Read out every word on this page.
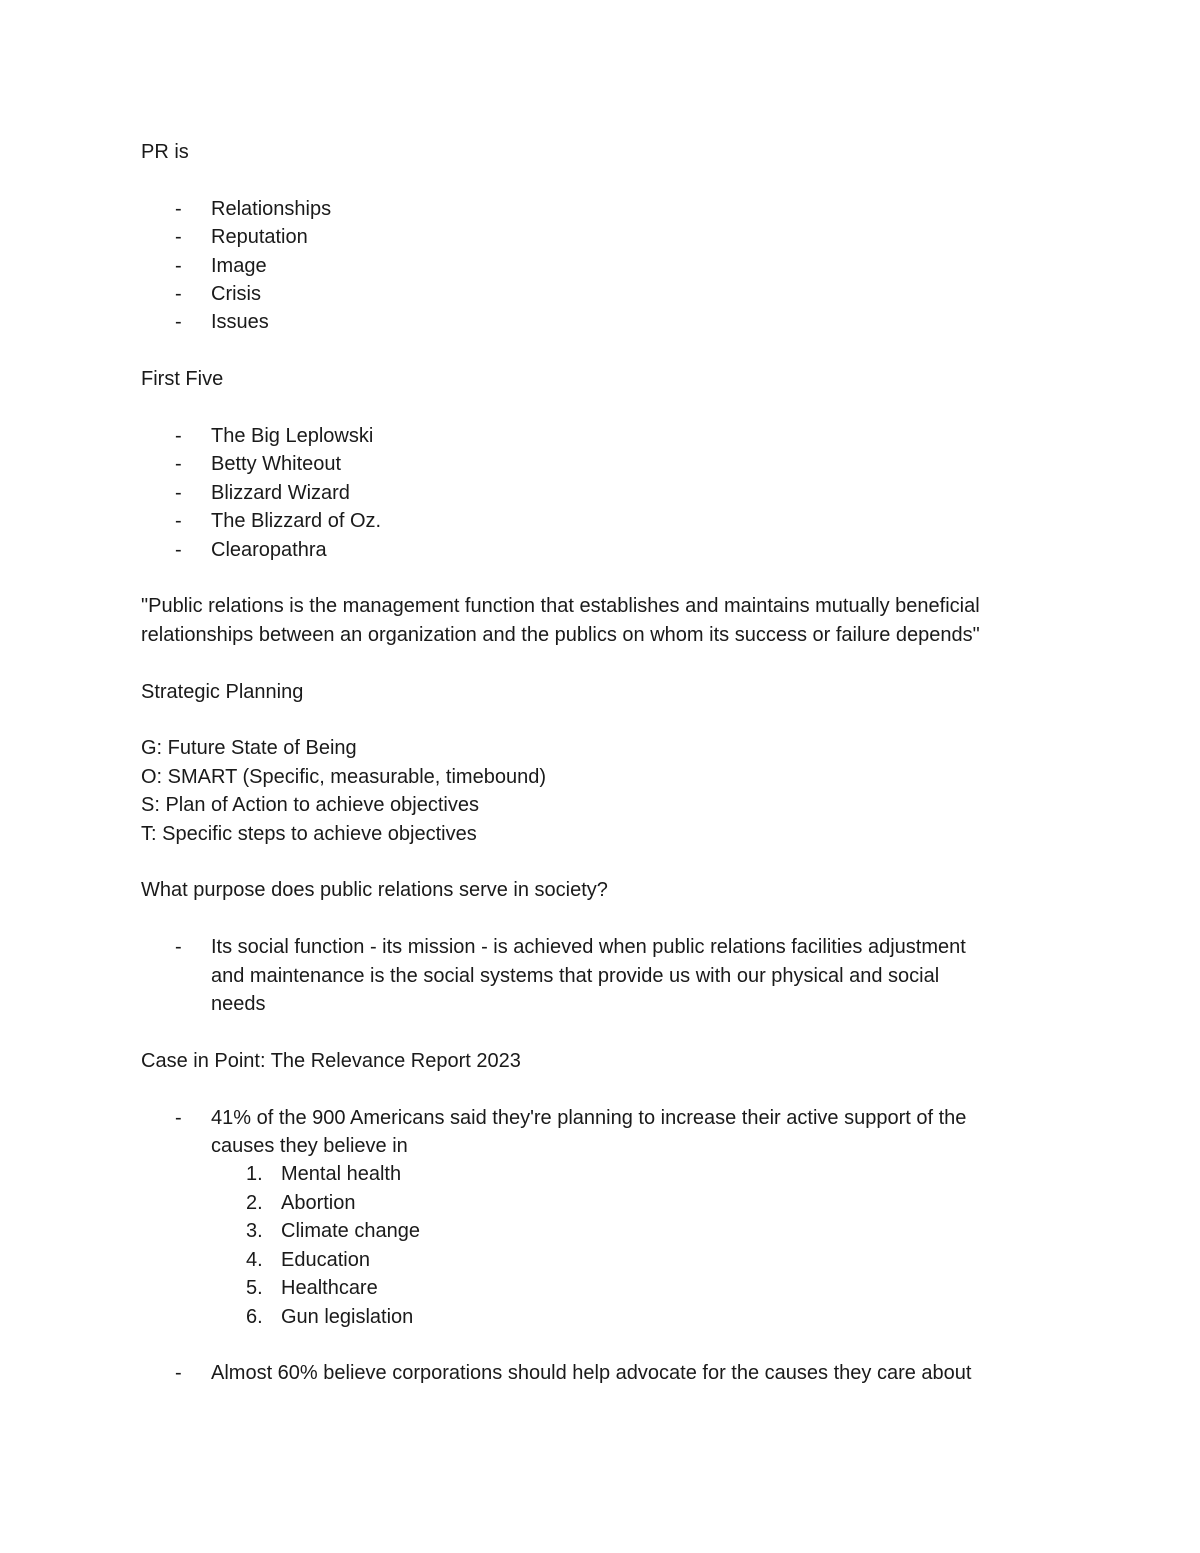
PR is

- Relationships
- Reputation
- Image
- Crisis
- Issues

First Five

- The Big Leplowski
- Betty Whiteout
- Blizzard Wizard
- The Blizzard of Oz.
- Clearopathra

"Public relations is the management function that establishes and maintains mutually beneficial

relationships between an organization and the publics on whom its success or failure depends"

Strategic Planning

G: Future State of Being

O: SMART (Specific, measurable, timebound)

S: Plan of Action to achieve objectives

T: Specific steps to achieve objectives

What purpose does public relations serve in society?

- Its social function - its mission - is achieved when public relations facilities adjustment
and maintenance is the social systems that provide us with our physical and social
needs

Case in Point: The Relevance Report 2023

- 41% of the 900 Americans said they're planning to increase their active support of the
causes they believe in
1. Mental health
2. Abortion
3. Climate change
4. Education
5. Healthcare
6. Gun legislation
- Almost 60% believe corporations should help advocate for the causes they care about
